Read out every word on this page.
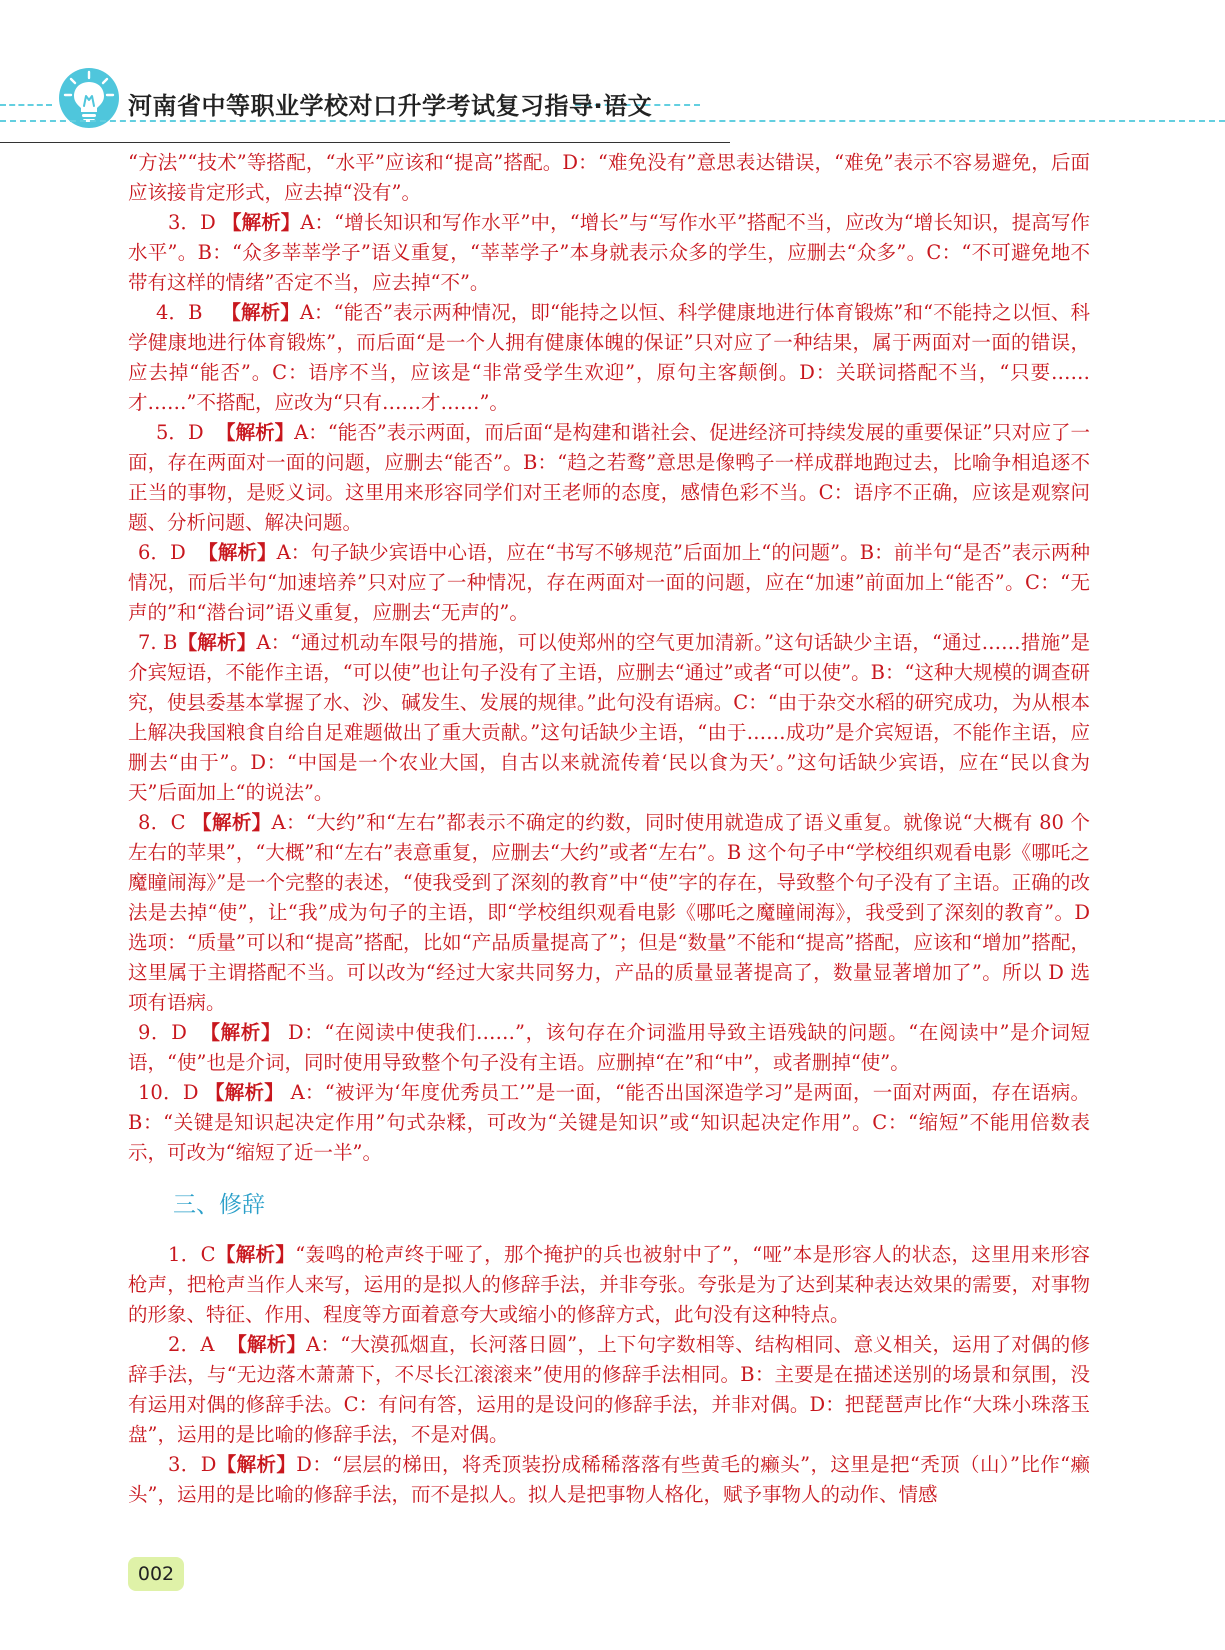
河南省中等职业学校对口升学考试复习指导·语文

“方法”“技术”等搭配，“水平”应该和“提高”搭配。D：“难免没有”意思表达错误，“难免”表示不容易避免，后面应该接肯定形式，应去掉“没有”。

3．D 【解析】A：“增长知识和写作水平”中，“增长”与“写作水平”搭配不当，应改为“增长知识，提高写作水平”。B：“众多莘莘学子”语义重复，“莘莘学子”本身就表示众多的学生，应删去“众多”。C：“不可避免地不带有这样的情绪”否定不当，应去掉“不”。

4．B 【解析】A：“能否”表示两种情况，即“能持之以恒、科学健康地进行体育锻炼”和“不能持之以恒、科学健康地进行体育锻炼”，而后面“是一个人拥有健康体魄的保证”只对应了一种结果，属于两面对一面的错误，应去掉“能否”。C：语序不当，应该是“非常受学生欢迎”，原句主客颠倒。D：关联词搭配不当，“只要……才……”不搭配，应改为“只有……才……”。

5．D 【解析】A：“能否”表示两面，而后面“是构建和谐社会、促进经济可持续发展的重要保证”只对应了一面，存在两面对一面的问题，应删去“能否”。B：“趋之若鹜”意思是像鸭子一样成群地跑过去，比喻争相追逐不正当的事物，是贬义词。这里用来形容同学们对王老师的态度，感情色彩不当。C：语序不正确，应该是观察问题、分析问题、解决问题。

6．D 【解析】A：句子缺少宾语中心语，应在“书写不够规范”后面加上“的问题”。B：前半句“是否”表示两种情况，而后半句“加速培养”只对应了一种情况，存在两面对一面的问题，应在“加速”前面加上“能否”。C：“无声的”和“潜台词”语义重复，应删去“无声的”。

7. B【解析】A：“通过机动车限号的措施，可以使郑州的空气更加清新。”这句话缺少主语，“通过……措施”是介宾短语，不能作主语，“可以使”也让句子没有了主语，应删去“通过”或者“可以使”。B：“这种大规模的调查研究，使县委基本掌握了水、沙、碱发生、发展的规律。”此句没有语病。C：“由于杂交水稻的研究成功，为从根本上解决我国粮食自给自足难题做出了重大贡献。”这句话缺少主语，“由于……成功”是介宾短语，不能作主语，应删去“由于”。D：“中国是一个农业大国，自古以来就流传着‘民以食为天’。”这句话缺少宾语，应在“民以食为天”后面加上“的说法”。

8．C 【解析】A：“大约”和“左右”都表示不确定的约数，同时使用就造成了语义重复。就像说“大概有 80 个左右的苹果”，“大概”和“左右”表意重复，应删去“大约”或者“左右”。B 这个句子中“学校组织观看电影《哪吒之魔瞳闹海》”是一个完整的表述，“使我受到了深刻的教育”中“使”字的存在，导致整个句子没有了主语。正确的改法是去掉“使”，让“我”成为句子的主语，即“学校组织观看电影《哪吒之魔瞳闹海》，我受到了深刻的教育”。D 选项：“质量”可以和“提高”搭配，比如“产品质量提高了”；但是“数量”不能和“提高”搭配，应该和“增加”搭配，这里属于主谓搭配不当。可以改为“经过大家共同努力，产品的质量显著提高了，数量显著增加了”。所以 D 选项有语病。

9．D 【解析】 D：“在阅读中使我们……”，该句存在介词滥用导致主语残缺的问题。“在阅读中”是介词短语，“使”也是介词，同时使用导致整个句子没有主语。应删掉“在”和“中”，或者删掉“使”。

10．D 【解析】 A：“被评为‘年度优秀员工’”是一面，“能否出国深造学习”是两面，一面对两面，存在语病。B：“关键是知识起决定作用”句式杂糅，可改为“关键是知识”或“知识起决定作用”。C：“缩短”不能用倍数表示，可改为“缩短了近一半”。

三、修辞

1．C【解析】“轰鸣的枪声终于哑了，那个掩护的兵也被射中了”，“哑”本是形容人的状态，这里用来形容枪声，把枪声当作人来写，运用的是拟人的修辞手法，并非夸张。夸张是为了达到某种表达效果的需要，对事物的形象、特征、作用、程度等方面着意夸大或缩小的修辞方式，此句没有这种特点。

2．A 【解析】A：“大漠孤烟直，长河落日圆”，上下句字数相等、结构相同、意义相关，运用了对偶的修辞手法，与“无边落木萧萧下，不尽长江滚滚来”使用的修辞手法相同。B：主要是在描述送别的场景和氛围，没有运用对偶的修辞手法。C：有问有答，运用的是设问的修辞手法，并非对偶。D：把琵琶声比作“大珠小珠落玉盘”，运用的是比喻的修辞手法，不是对偶。

3．D【解析】D：“层层的梯田，将秃顶装扮成稀稀落落有些黄毛的癞头”，这里是把“秃顶（山）”比作“癞头”，运用的是比喻的修辞手法，而不是拟人。拟人是把事物人格化，赋予事物人的动作、情感

002
